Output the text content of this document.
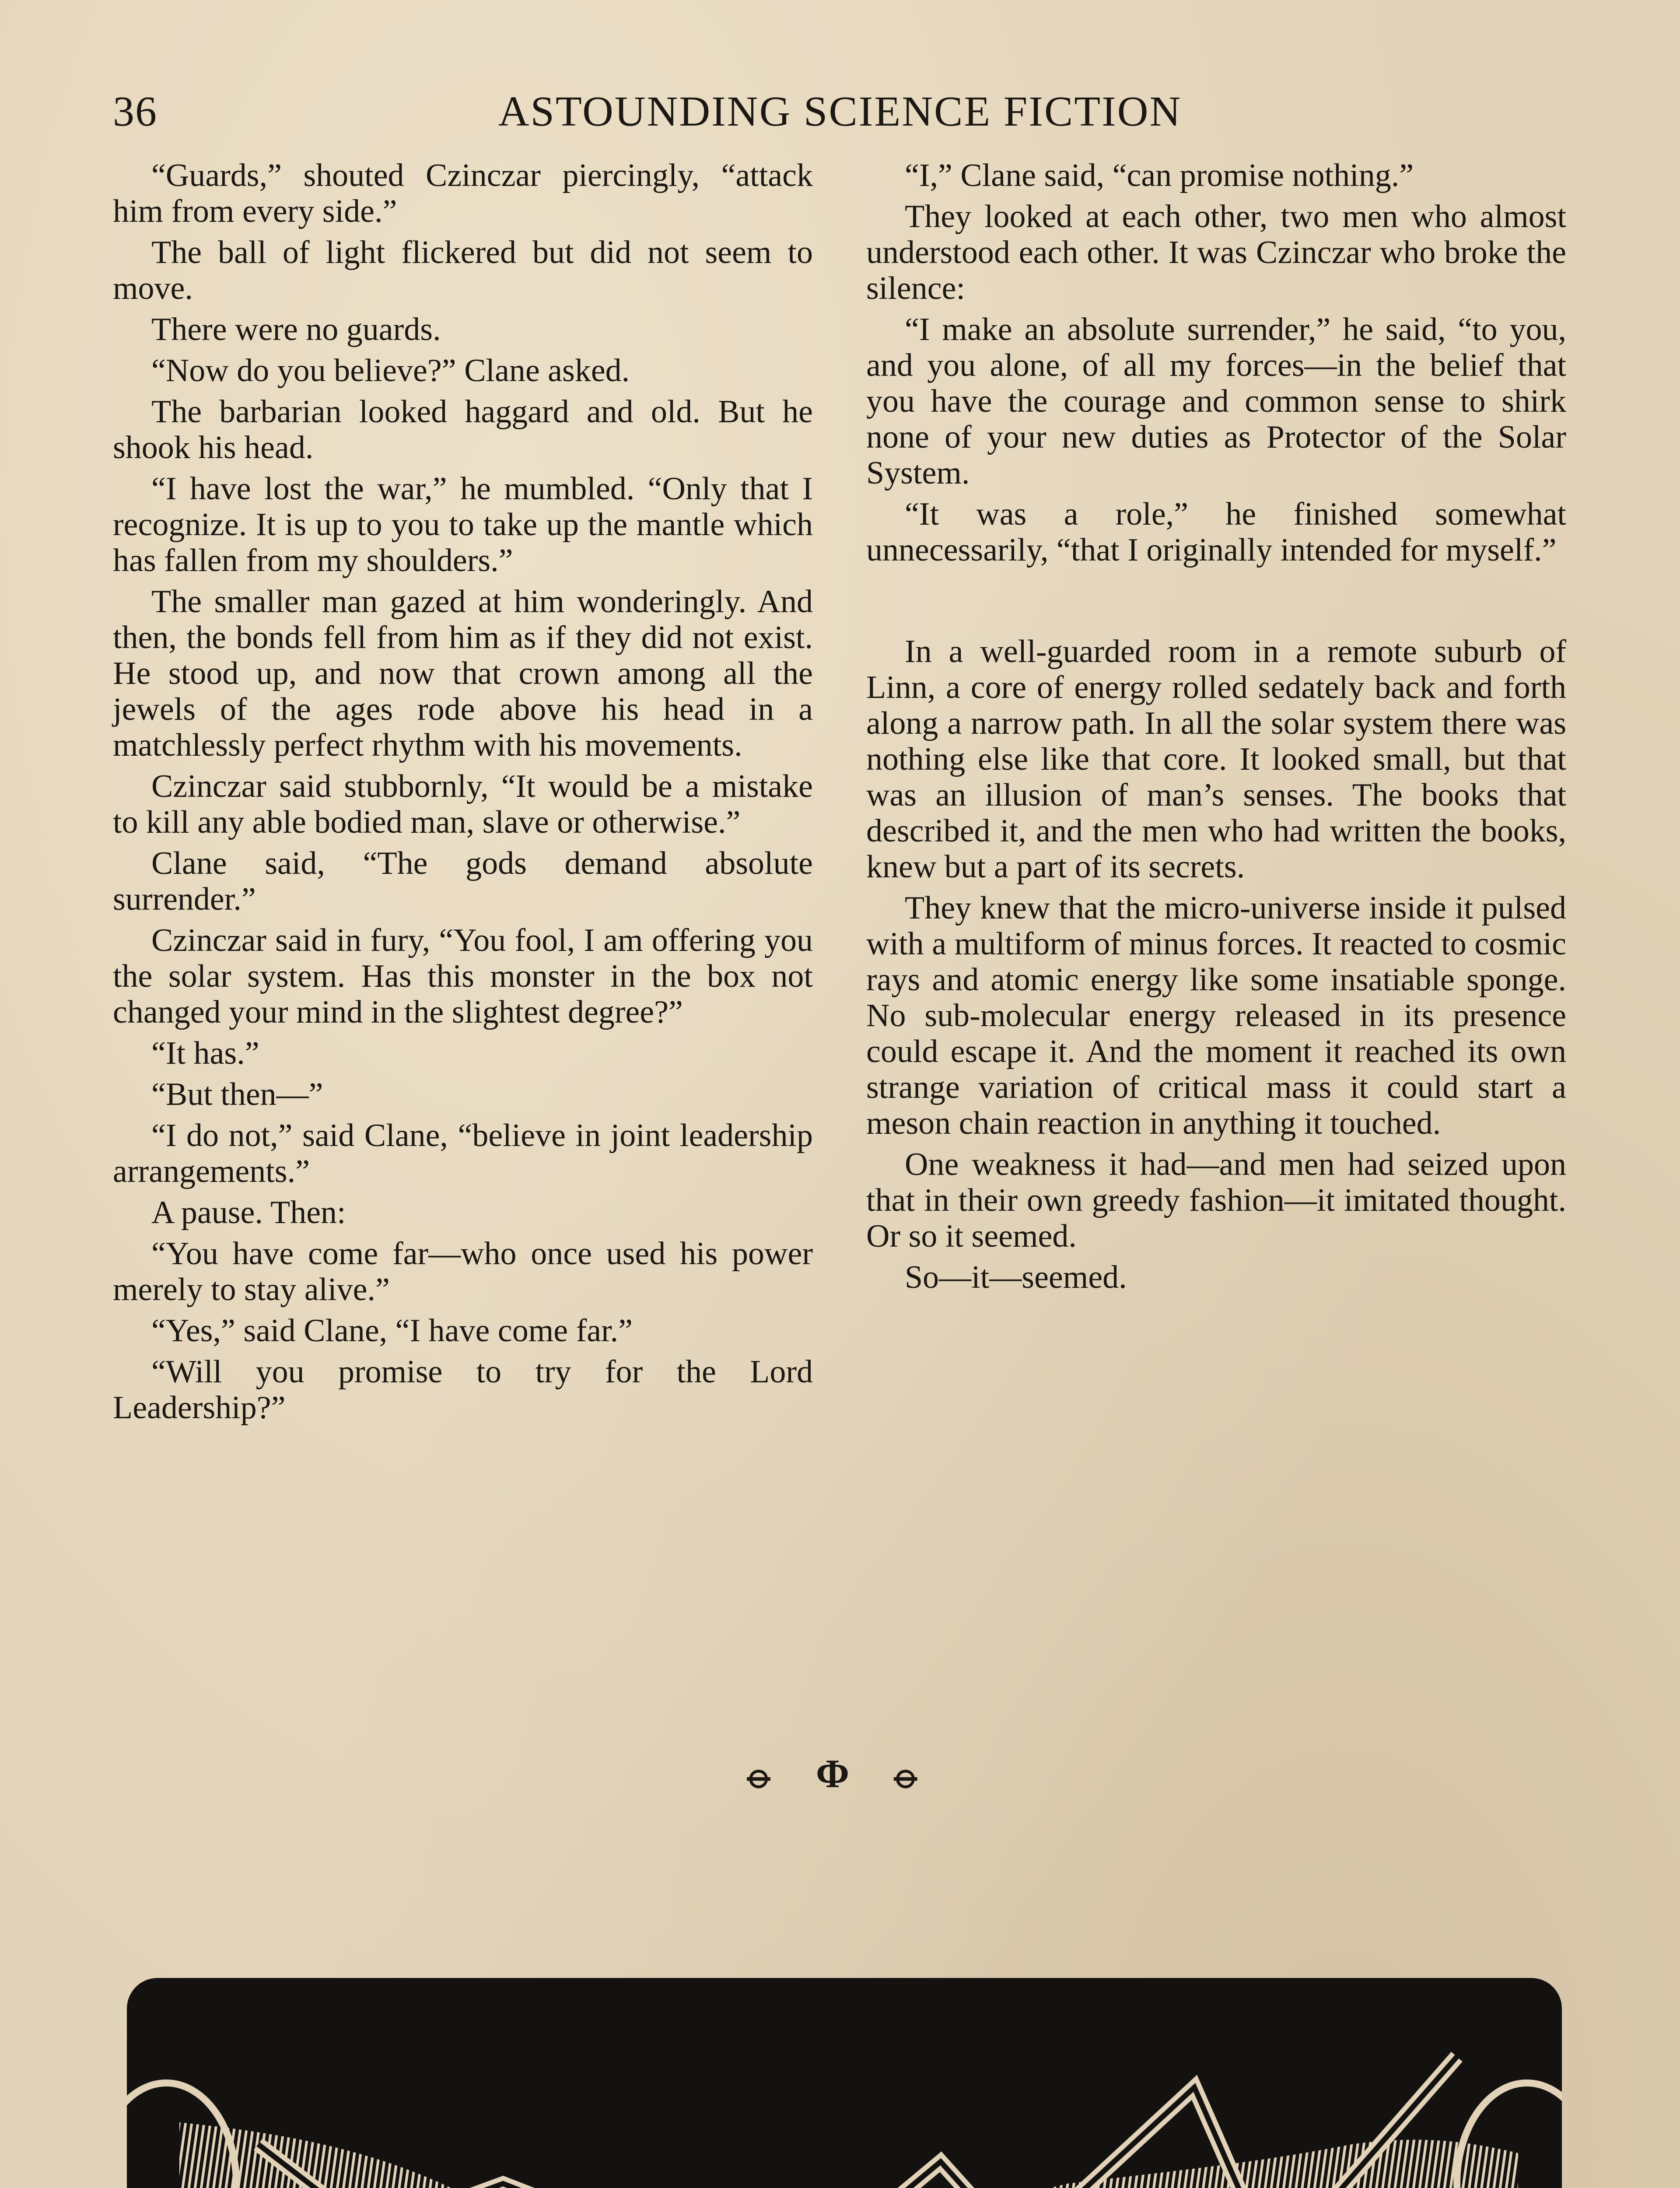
36	ASTOUNDING SCIENCE FICTION

“Guards,” shouted Czinczar piercingly, “attack him from every side.”

The ball of light flickered but did not seem to move.

There were no guards.

“Now do you believe?” Clane asked.

The barbarian looked haggard and old. But he shook his head.

“I have lost the war,” he mumbled. “Only that I recognize. It is up to you to take up the mantle which has fallen from my shoulders.”

The smaller man gazed at him wonderingly. And then, the bonds fell from him as if they did not exist. He stood up, and now that crown among all the jewels of the ages rode above his head in a matchlessly perfect rhythm with his movements.

Czinczar said stubbornly, “It would be a mistake to kill any able bodied man, slave or otherwise.”

Clane said, “The gods demand absolute surrender.”

Czinczar said in fury, “You fool, I am offering you the solar system. Has this monster in the box not changed your mind in the slightest degree?”

“It has.”

“But then—”

“I do not,” said Clane, “believe in joint leadership arrangements.”

A pause. Then:

“You have come far—who once used his power merely to stay alive.”

“Yes,” said Clane, “I have come far.”

“Will you promise to try for the Lord Leadership?”

“I,” Clane said, “can promise nothing.”

They looked at each other, two men who almost understood each other. It was Czinczar who broke the silence:

“I make an absolute surrender,” he said, “to you, and you alone, of all my forces—in the belief that you have the courage and common sense to shirk none of your new duties as Protector of the Solar System.

“It was a role,” he finished somewhat unnecessarily, “that I originally intended for myself.”

In a well-guarded room in a remote suburb of Linn, a core of energy rolled sedately back and forth along a narrow path. In all the solar system there was nothing else like that core. It looked small, but that was an illusion of man’s senses. The books that described it, and the men who had written the books, knew but a part of its secrets.

They knew that the micro-universe inside it pulsed with a multiform of minus forces. It reacted to cosmic rays and atomic energy like some insatiable sponge. No sub-molecular energy released in its presence could escape it. And the moment it reached its own strange variation of critical mass it could start a meson chain reaction in anything it touched.

One weakness it had—and men had seized upon that in their own greedy fashion—it imitated thought. Or so it seemed.

So—it—seemed.

⦵ Φ ⦵
